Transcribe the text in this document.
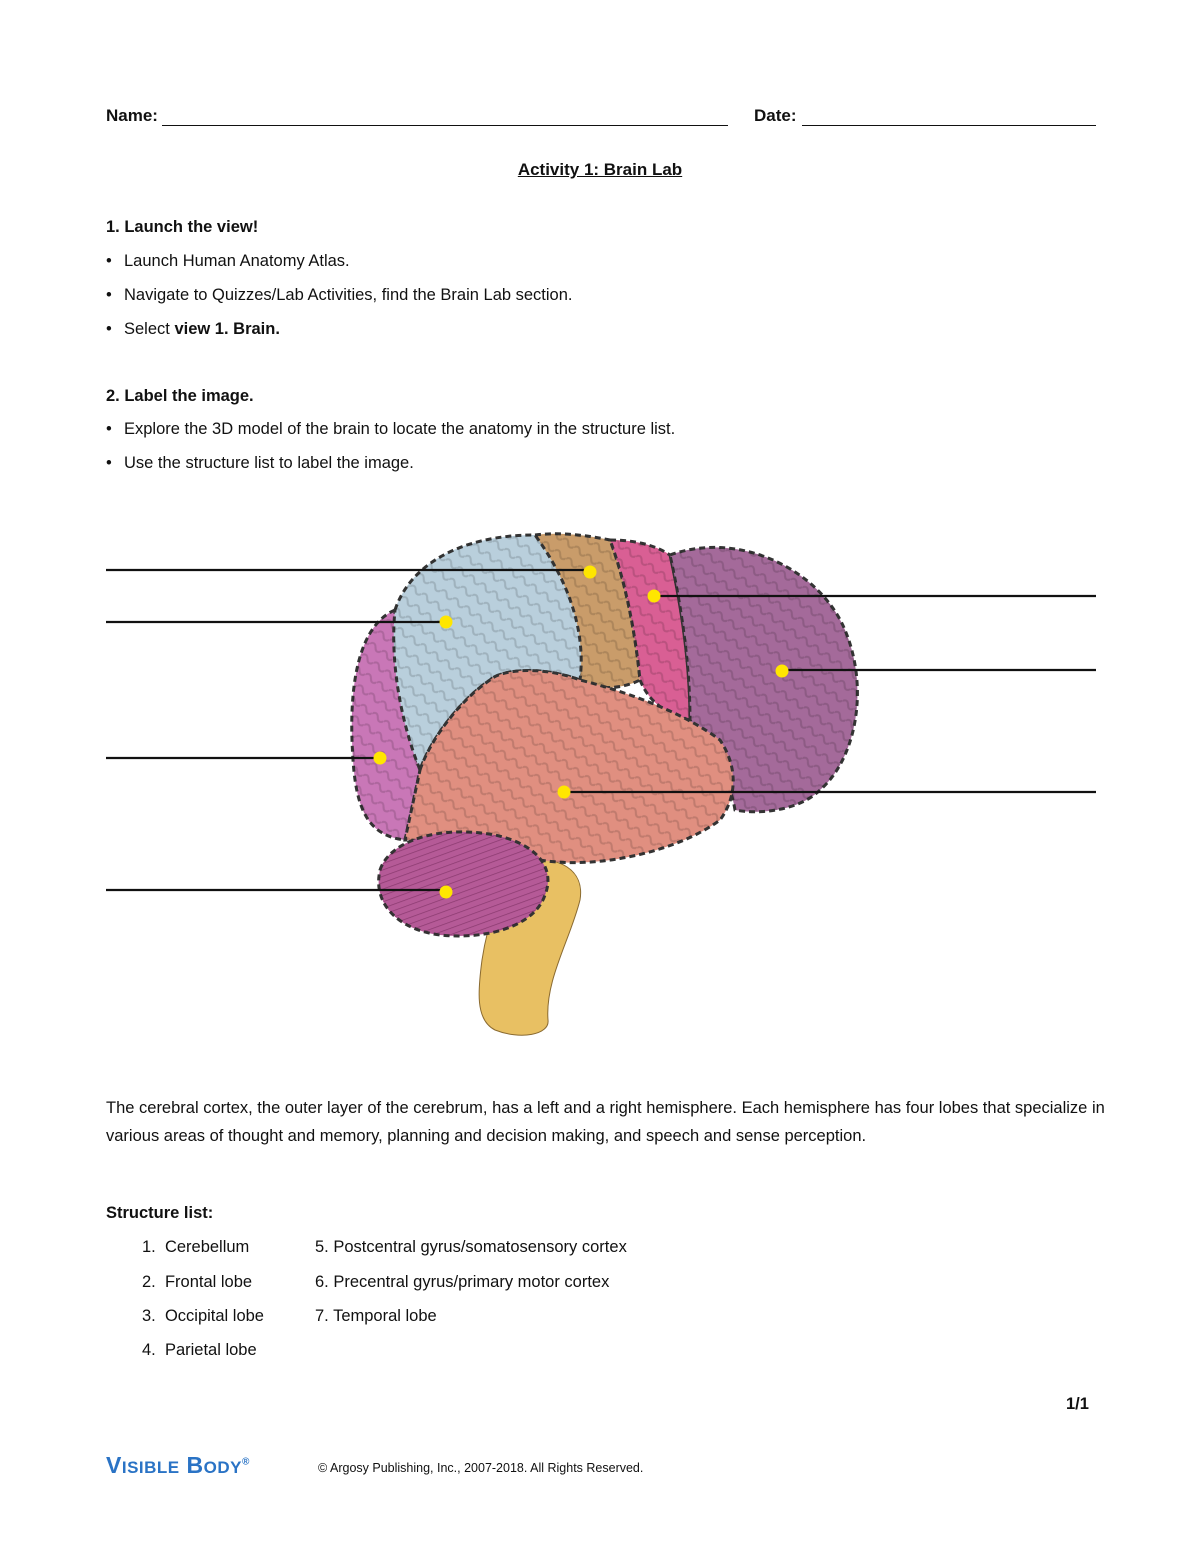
Name:	Date:
Activity 1: Brain Lab
1. Launch the view!
• Launch Human Anatomy Atlas.
• Navigate to Quizzes/Lab Activities, find the Brain Lab section.
• Select view 1. Brain.
2. Label the image.
• Explore the 3D model of the brain to locate the anatomy in the structure list.
• Use the structure list to label the image.
The cerebral cortex, the outer layer of the cerebrum, has a left and a right hemisphere. Each hemisphere has four lobes that specialize in various areas of thought and memory, planning and decision making, and speech and sense perception.
Structure list:
1. Cerebellum
2. Frontal lobe
3. Occipital lobe
4. Parietal lobe
5. Postcentral gyrus/somatosensory cortex
6. Precentral gyrus/primary motor cortex
7. Temporal lobe
1/1
VISIBLE BODY®	© Argosy Publishing, Inc., 2007-2018. All Rights Reserved.
